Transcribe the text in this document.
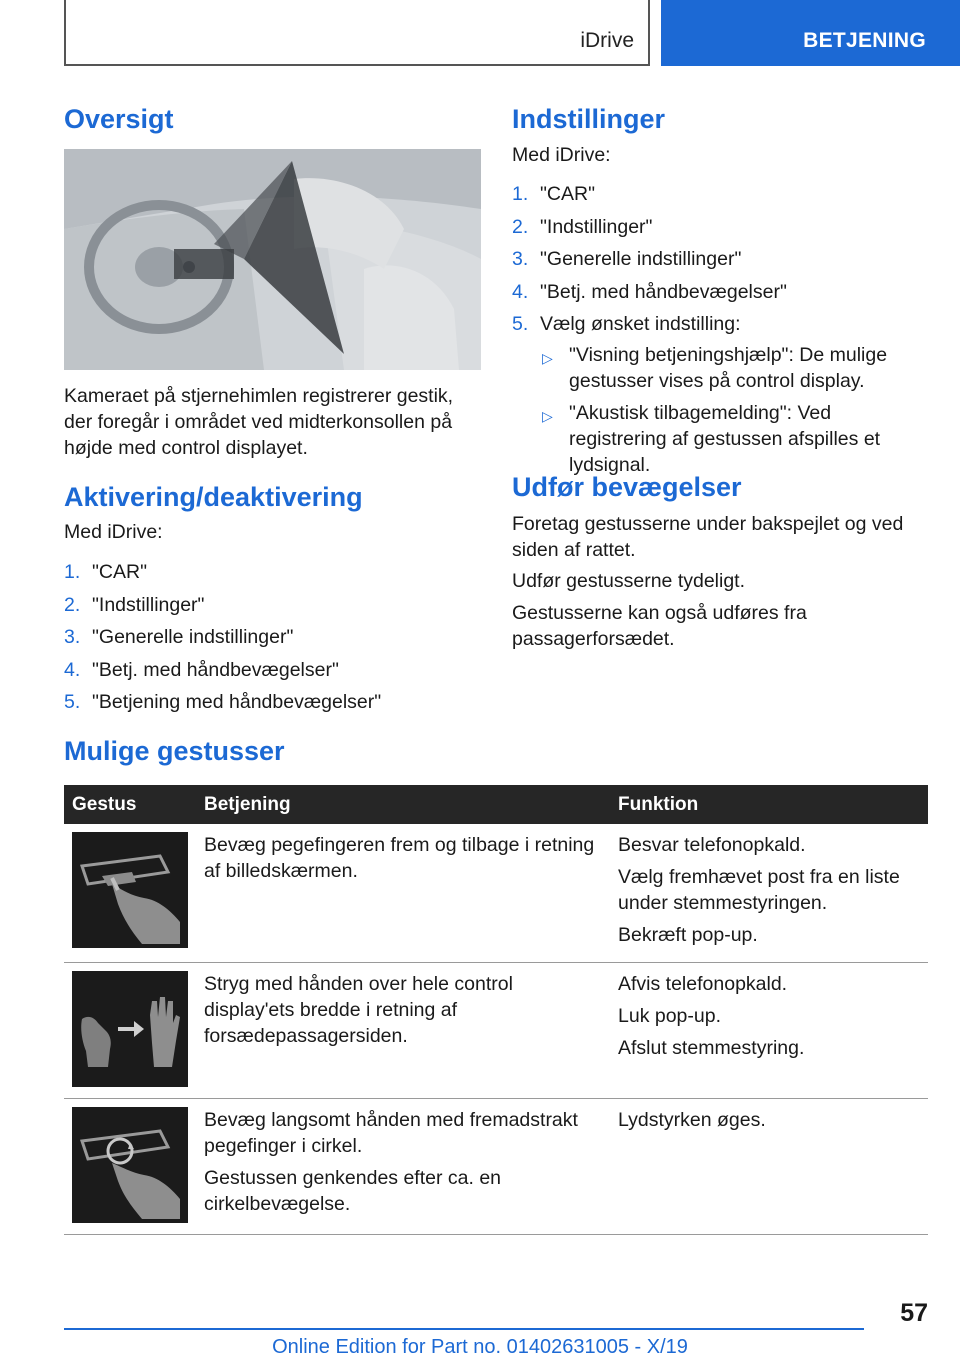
iDrive	BETJENING
Oversigt

Kameraet på stjernehimlen registrerer gestik, der foregår i området ved midterkonsollen på højde med control displayet.

Aktivering/deaktivering

Med iDrive:

1. "CAR"
2. "Indstillinger"
3. "Generelle indstillinger"
4. "Betj. med håndbevægelser"
5. "Betjening med håndbevægelser"
Indstillinger

Med iDrive:

1. "CAR"
2. "Indstillinger"
3. "Generelle indstillinger"
4. "Betj. med håndbevægelser"
5. Vælg ønsket indstilling:
▷ "Visning betjeningshjælp": De mulige gestusser vises på control display.
▷ "Akustisk tilbagemelding": Ved registrering af gestussen afspilles et lydsignal.
Udfør bevægelser

Foretag gestusserne under bakspejlet og ved siden af rattet.

Udfør gestusserne tydeligt.

Gestusserne kan også udføres fra passagerforsædet.

Mulige gestusser
Gestus	Betjening	Funktion

Bevæg pegefingeren frem og tilbage i retning af billedskærmen.	Besvar telefonopkald.

Vælg fremhævet post fra en liste under stemmestyringen.

Bekræft pop-up.

Stryg med hånden over hele control display'ets bredde i retning af forsædepassagersiden.	Afvis telefonopkald.

Luk pop-up.

Afslut stemmestyring.

Bevæg langsomt hånden med fremadstrakt pegefinger i cirkel.

Gestussen genkendes efter ca. en cirkelbevægelse.	Lydstyrken øges.

57
Online Edition for Part no. 01402631005 - X/19
